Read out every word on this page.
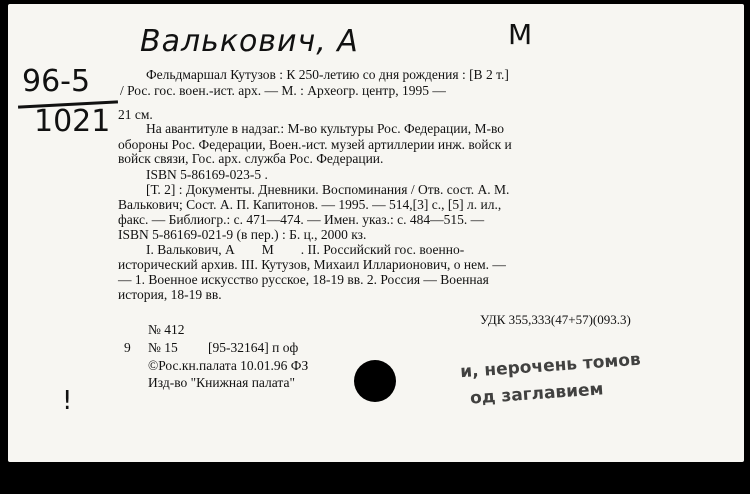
Валькович, А	M
96-5
1021
!
Фельдмаршал Кутузов : К 250-летию со дня рождения : [В 2 т.]
/ Рос. гос. воен.-ист. арх. — М. : Археогр. центр, 1995 —
21 см.
На авантитуле в надзаг.: М-во культуры Рос. Федерации, М-во
обороны Рос. Федерации, Воен.-ист. музей артиллерии инж. войск и
войск связи, Гос. арх. служба Рос. Федерации.
ISBN 5-86169-023-5 .
[Т. 2] : Документы. Дневники. Воспоминания / Отв. сост. А. М.
Валькович; Сост. А. П. Капитонов. — 1995. — 514,[3] с., [5] л. ил.,
факс. — Библиогр.: с. 471—474. — Имен. указ.: с. 484—515. —
ISBN 5-86169-021-9 (в пер.) : Б. ц., 2000 кз.
I. Валькович, А        М        . II. Российский гос. военно-
исторический архив. III. Кутузов, Михаил Илларионович, о нем. —
— 1. Военное искусство русское, 18-19 вв. 2. Россия — Военная
история, 18-19 вв.
№ 412
УДК 355,333(47+57)(093.3)
9 № 15 [95-32164] п оф
©Рос.кн.палата 10.01.96 ФЗ
Изд-во "Книжная палата"
и, нерочень томов
од заглавием
